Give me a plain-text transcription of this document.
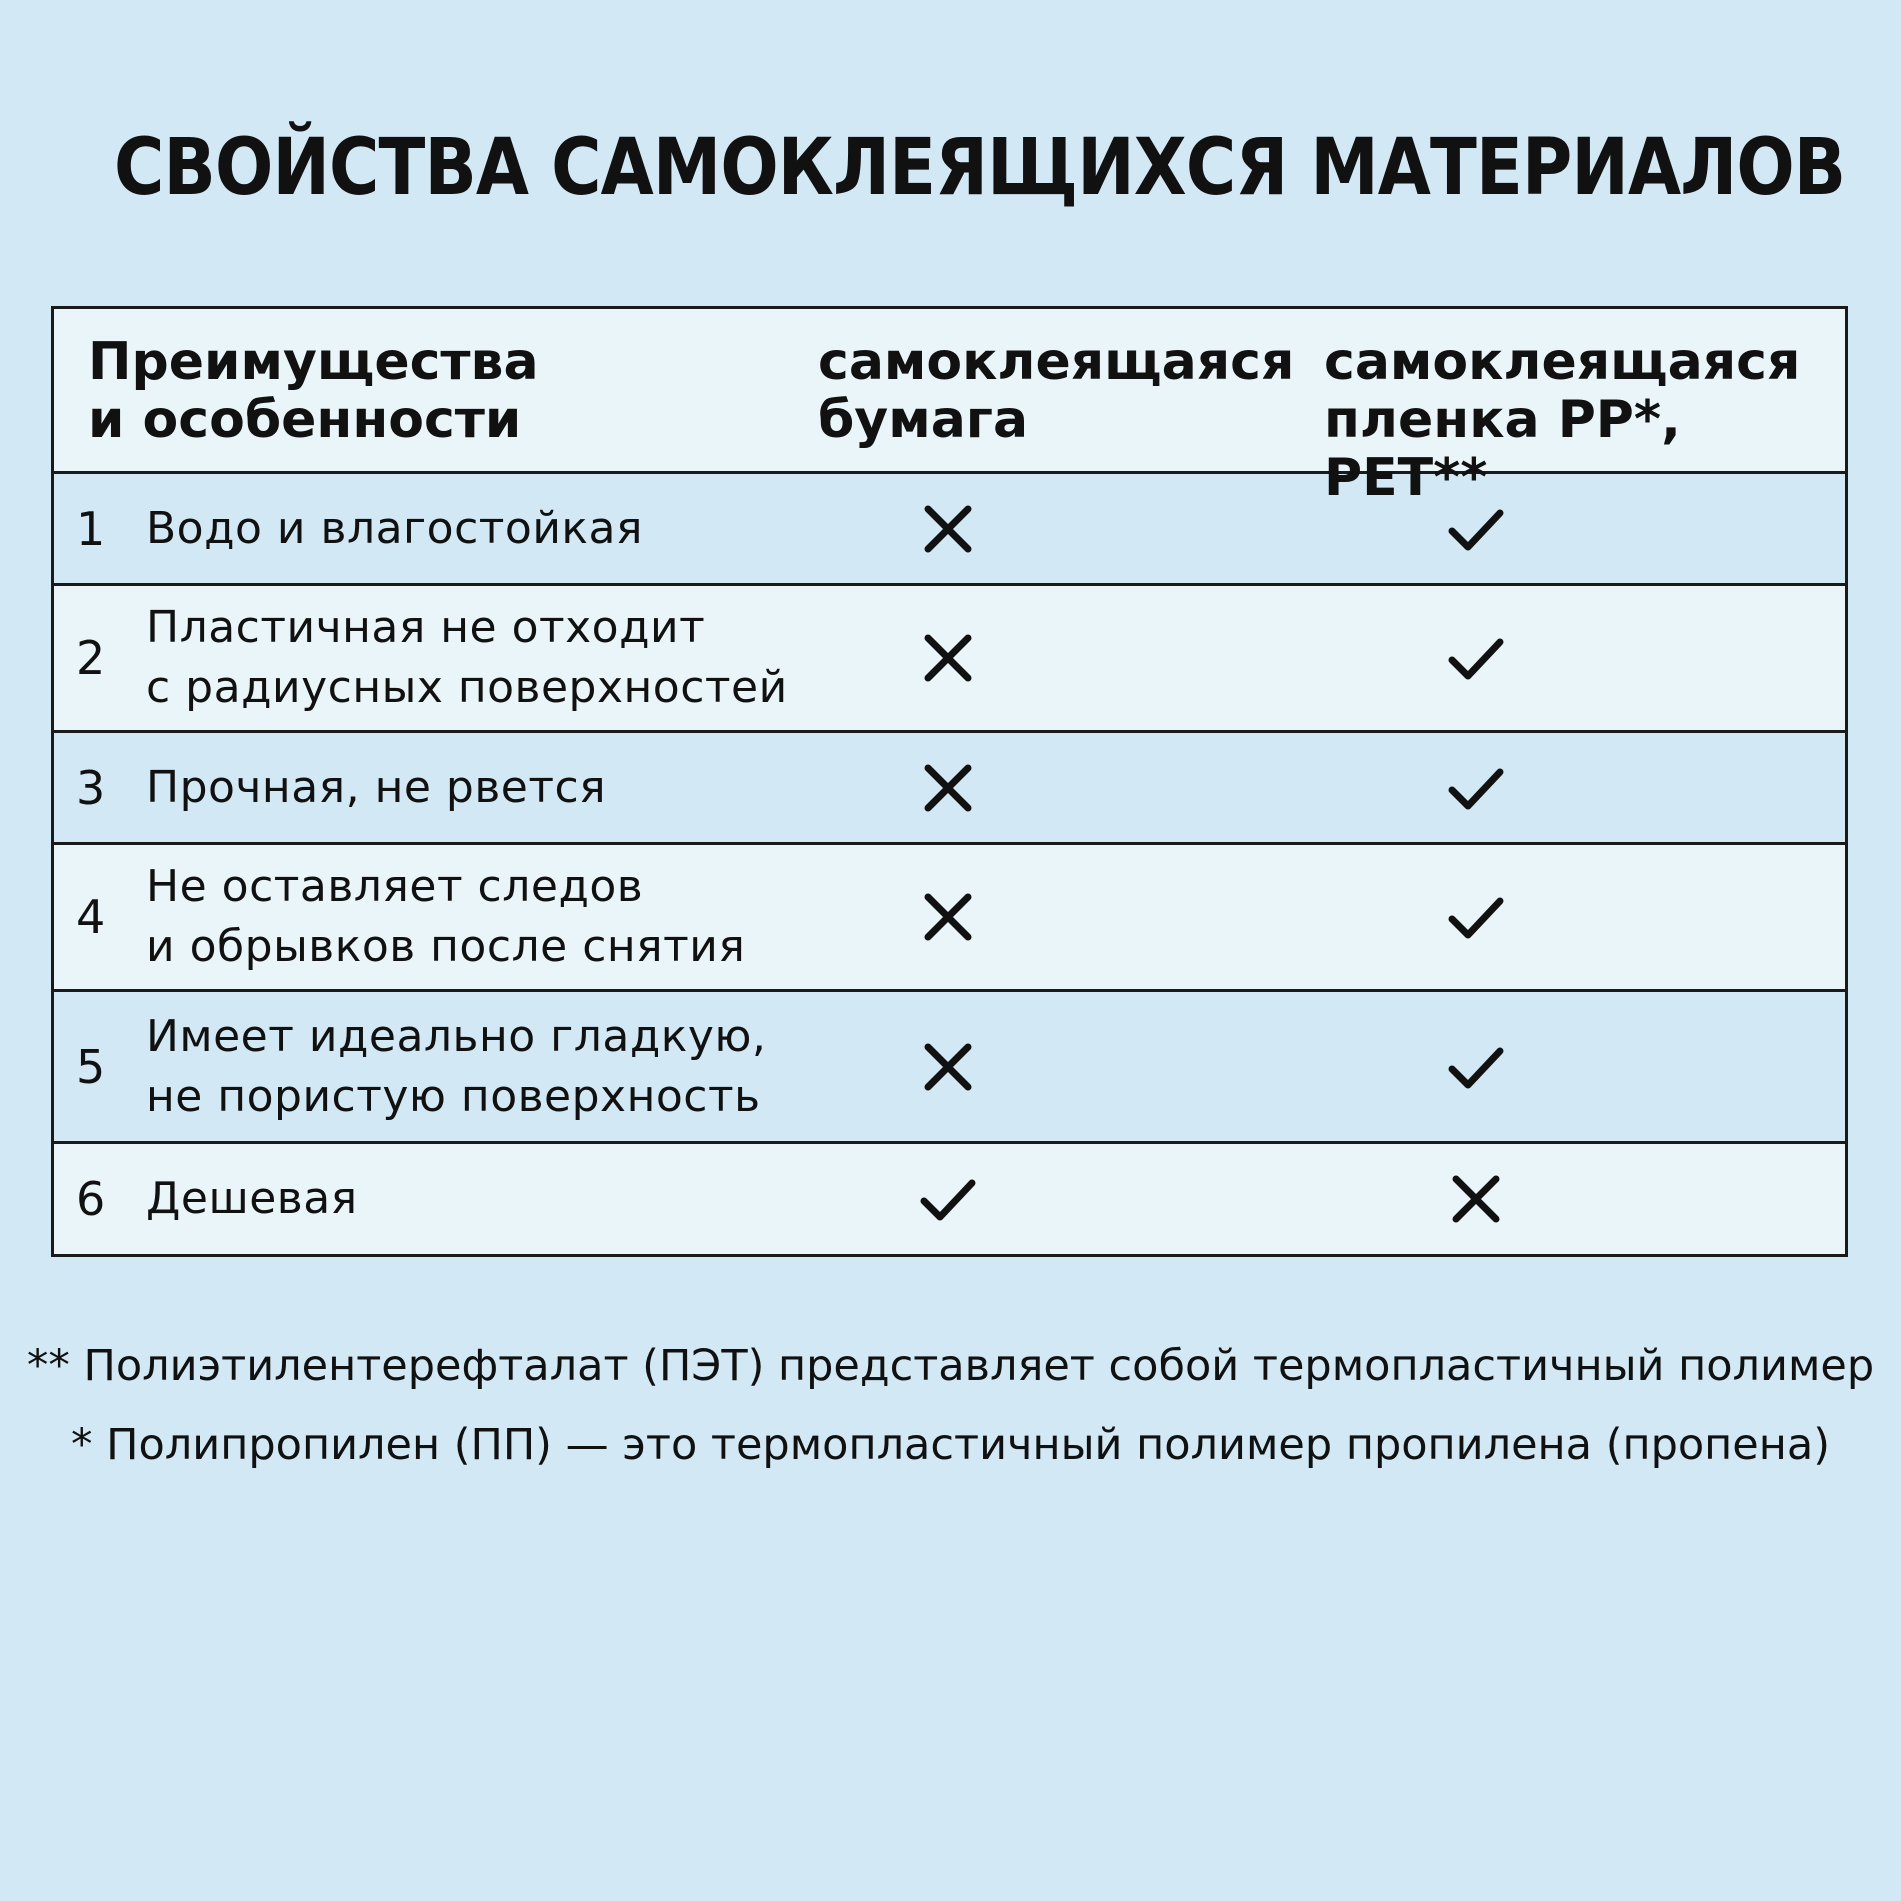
СВОЙСТВА САМОКЛЕЯЩИХСЯ МАТЕРИАЛОВ
Преимущества
и особенности
самоклеящаяся
бумага
самоклеящаяся
пленка PP*, PET**
1 Водо и влагостойкая
2
Пластичная не отходит
с радиусных поверхностей
3 Прочная, не рвется
4
Не оставляет следов
и обрывков после снятия
5
Имеет идеально гладкую,
не пористую поверхность
6 Дешевая
** Полиэтилентерефталат (ПЭТ) представляет собой термопластичный полимер
* Полипропилен (ПП) — это термопластичный полимер пропилена (пропена)
